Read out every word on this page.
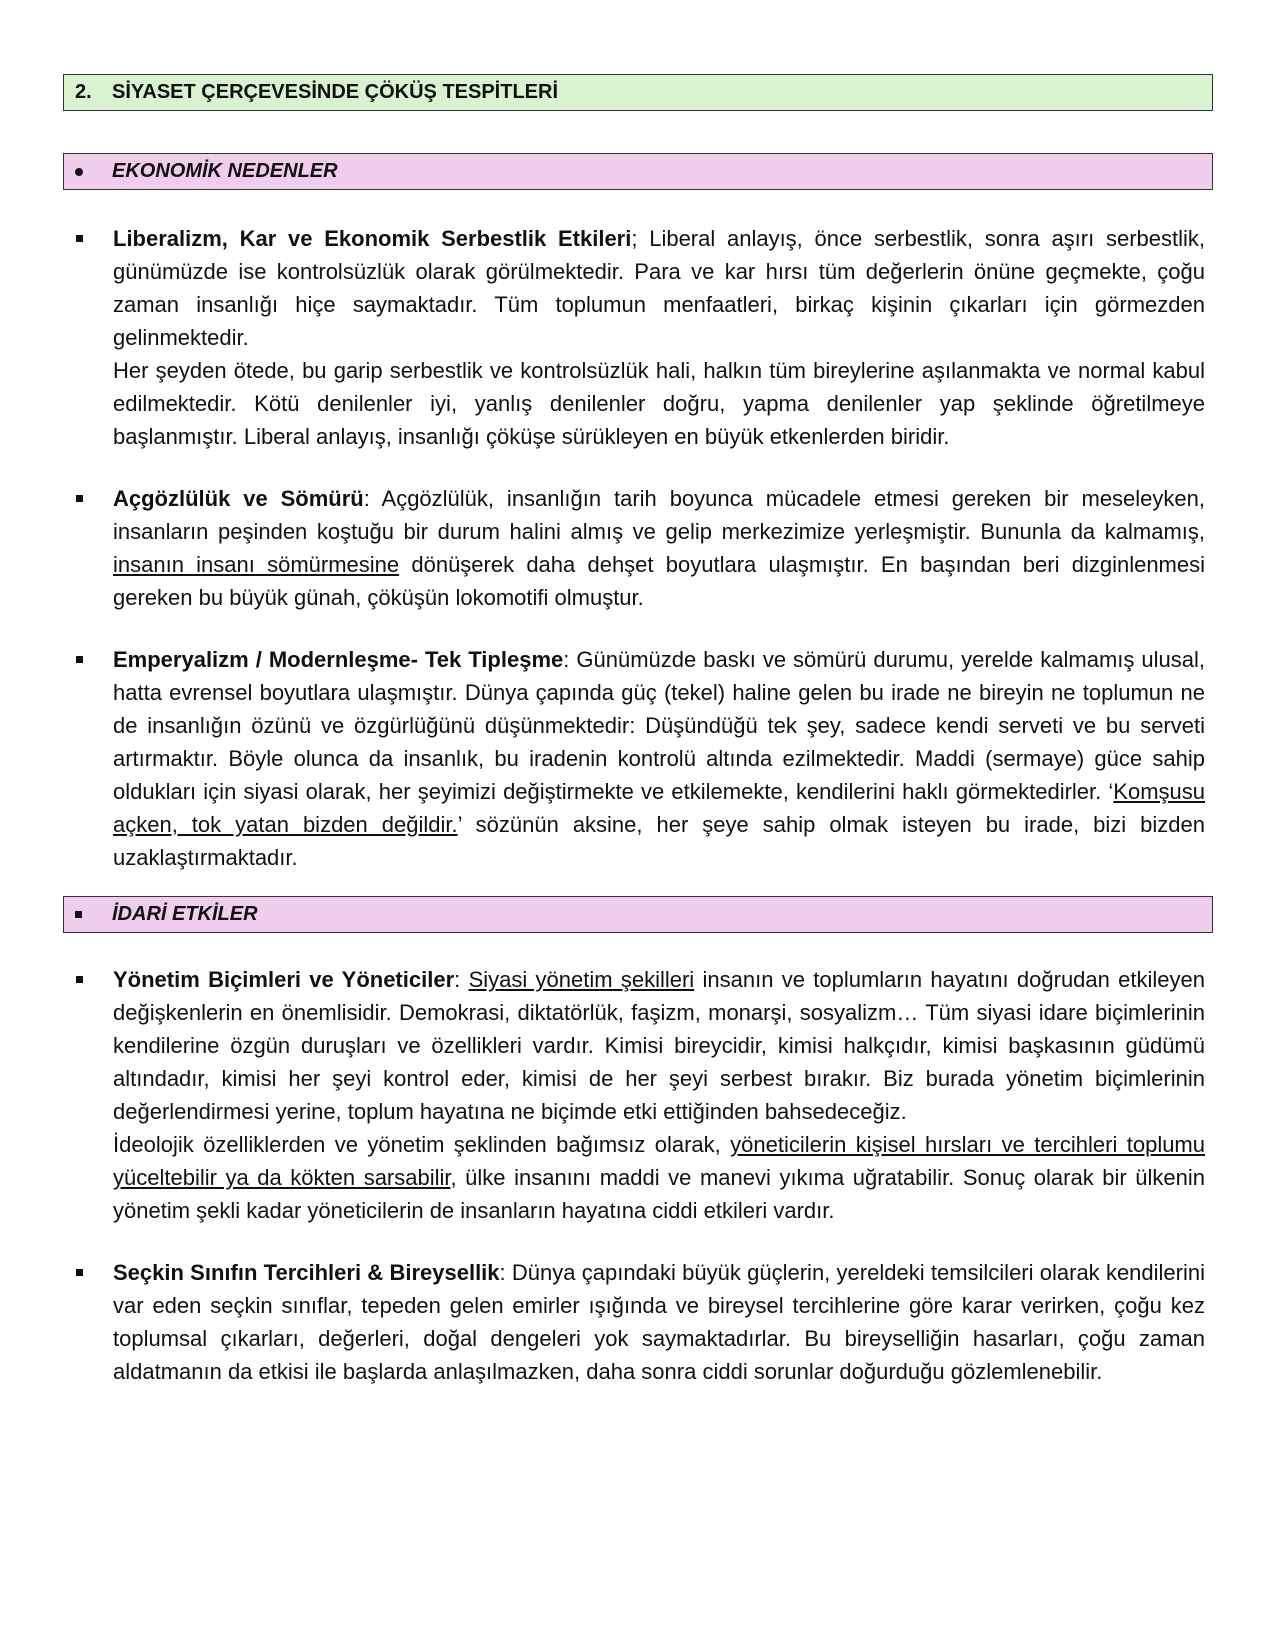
2.	SİYASET ÇERÇEVESİNDE ÇÖKÜŞ TESPİTLERİ
EKONOMİK NEDENLER

Liberalizm, Kar ve Ekonomik Serbestlik Etkileri; Liberal anlayış, önce serbestlik, sonra aşırı serbestlik, günümüzde ise kontrolsüzlük olarak görülmektedir. Para ve kar hırsı tüm değerlerin önüne geçmekte, çoğu zaman insanlığı hiçe saymaktadır. Tüm toplumun menfaatleri, birkaç kişinin çıkarları için görmezden gelinmektedir.

Her şeyden ötede, bu garip serbestlik ve kontrolsüzlük hali, halkın tüm bireylerine aşılanmakta ve normal kabul edilmektedir. Kötü denilenler iyi, yanlış denilenler doğru, yapma denilenler yap şeklinde öğretilmeye başlanmıştır. Liberal anlayış, insanlığı çöküşe sürükleyen en büyük etkenlerden biridir.

Açgözlülük ve Sömürü: Açgözlülük, insanlığın tarih boyunca mücadele etmesi gereken bir meseleyken, insanların peşinden koştuğu bir durum halini almış ve gelip merkezimize yerleşmiştir. Bununla da kalmamış, insanın insanı sömürmesine dönüşerek daha dehşet boyutlara ulaşmıştır. En başından beri dizginlenmesi gereken bu büyük günah, çöküşün lokomotifi olmuştur.

Emperyalizm / Modernleşme- Tek Tipleşme: Günümüzde baskı ve sömürü durumu, yerelde kalmamış ulusal, hatta evrensel boyutlara ulaşmıştır. Dünya çapında güç (tekel) haline gelen bu irade ne bireyin ne toplumun ne de insanlığın özünü ve özgürlüğünü düşünmektedir: Düşündüğü tek şey, sadece kendi serveti ve bu serveti artırmaktır. Böyle olunca da insanlık, bu iradenin kontrolü altında ezilmektedir. Maddi (sermaye) güce sahip oldukları için siyasi olarak, her şeyimizi değiştirmekte ve etkilemekte, kendilerini haklı görmektedirler. ‘Komşusu açken, tok yatan bizden değildir.’ sözünün aksine, her şeye sahip olmak isteyen bu irade, bizi bizden uzaklaştırmaktadır.

İDARİ ETKİLER

Yönetim Biçimleri ve Yöneticiler: Siyasi yönetim şekilleri insanın ve toplumların hayatını doğrudan etkileyen değişkenlerin en önemlisidir. Demokrasi, diktatörlük, faşizm, monarşi, sosyalizm… Tüm siyasi idare biçimlerinin kendilerine özgün duruşları ve özellikleri vardır. Kimisi bireycidir, kimisi halkçıdır, kimisi başkasının güdümü altındadır, kimisi her şeyi kontrol eder, kimisi de her şeyi serbest bırakır. Biz burada yönetim biçimlerinin değerlendirmesi yerine, toplum hayatına ne biçimde etki ettiğinden bahsedeceğiz.

İdeolojik özelliklerden ve yönetim şeklinden bağımsız olarak, yöneticilerin kişisel hırsları ve tercihleri toplumu yüceltebilir ya da kökten sarsabilir, ülke insanını maddi ve manevi yıkıma uğratabilir. Sonuç olarak bir ülkenin yönetim şekli kadar yöneticilerin de insanların hayatına ciddi etkileri vardır.

Seçkin Sınıfın Tercihleri & Bireysellik: Dünya çapındaki büyük güçlerin, yereldeki temsilcileri olarak kendilerini var eden seçkin sınıflar, tepeden gelen emirler ışığında ve bireysel tercihlerine göre karar verirken, çoğu kez toplumsal çıkarları, değerleri, doğal dengeleri yok saymaktadırlar. Bu bireyselliğin hasarları, çoğu zaman aldatmanın da etkisi ile başlarda anlaşılmazken, daha sonra ciddi sorunlar doğurduğu gözlemlenebilir.
